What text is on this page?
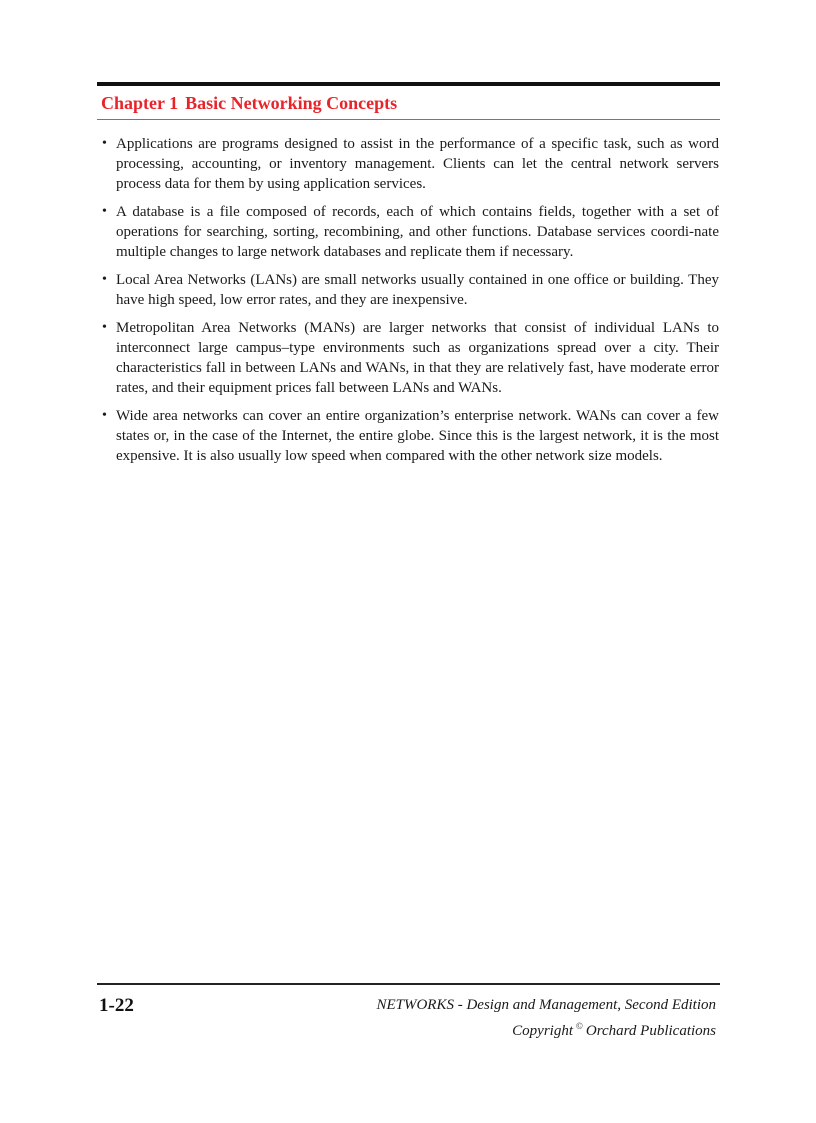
Chapter 1 Basic Networking Concepts
• Applications are programs designed to assist in the performance of a specific task, such as word processing, accounting, or inventory management. Clients can let the central network servers process data for them by using application services.
• A database is a file composed of records, each of which contains fields, together with a set of operations for searching, sorting, recombining, and other functions. Database services coordi-nate multiple changes to large network databases and replicate them if necessary.
• Local Area Networks (LANs) are small networks usually contained in one office or building. They have high speed, low error rates, and they are inexpensive.
• Metropolitan Area Networks (MANs) are larger networks that consist of individual LANs to interconnect large campus–type environments such as organizations spread over a city. Their characteristics fall in between LANs and WANs, in that they are relatively fast, have moderate error rates, and their equipment prices fall between LANs and WANs.
• Wide area networks can cover an entire organization’s enterprise network. WANs can cover a few states or, in the case of the Internet, the entire globe. Since this is the largest network, it is the most expensive. It is also usually low speed when compared with the other network size models.
1-22	NETWORKS - Design and Management, Second Edition
Copyright © Orchard Publications
